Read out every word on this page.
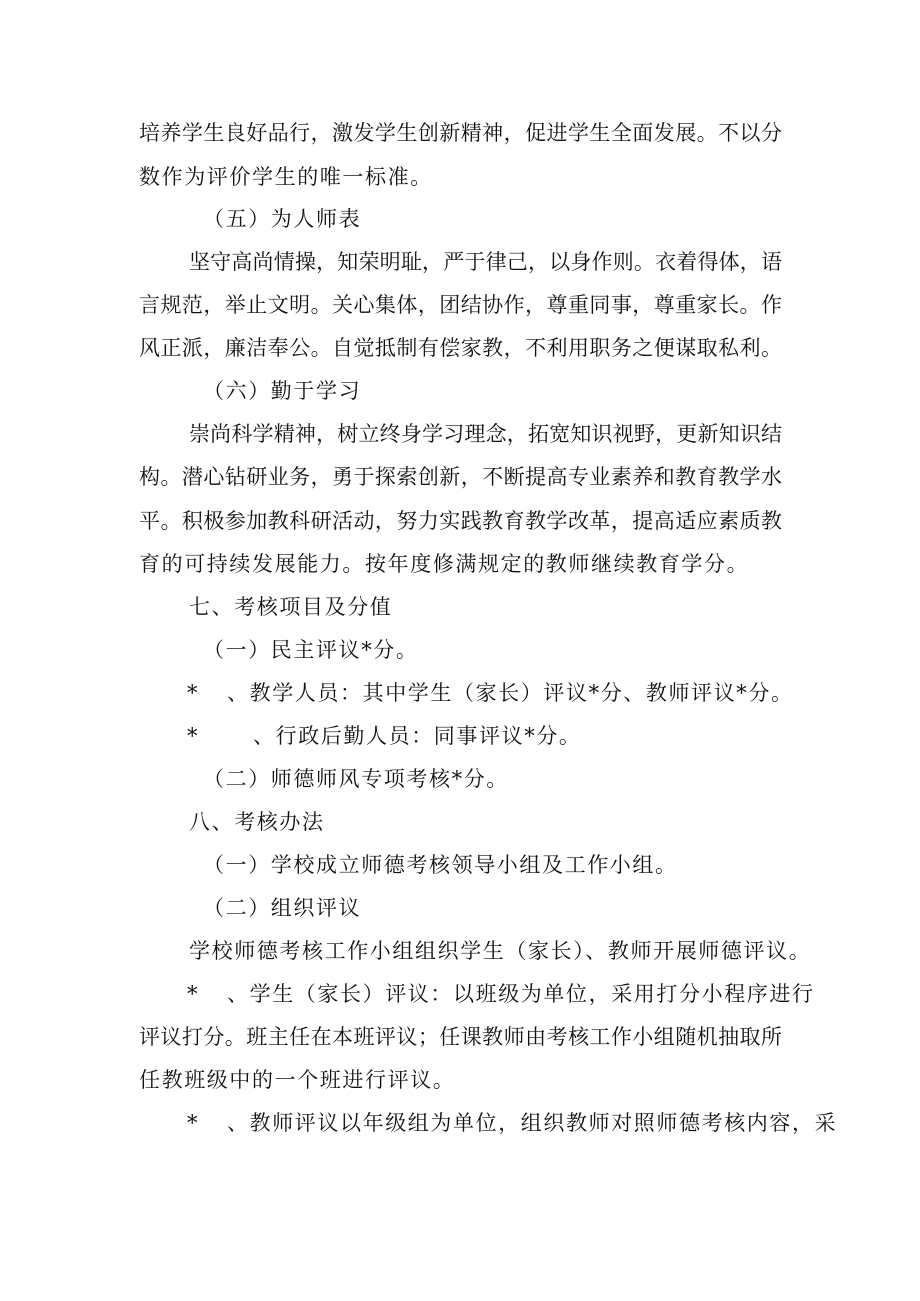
培养学生良好品行，激发学生创新精神，促进学生全面发展。不以分
数作为评价学生的唯一标准。
（五）为人师表
坚守高尚情操，知荣明耻，严于律己，以身作则。衣着得体，语
言规范，举止文明。关心集体，团结协作，尊重同事，尊重家长。作
风正派，廉洁奉公。自觉抵制有偿家教，不利用职务之便谋取私利。
（六）勤于学习
崇尚科学精神，树立终身学习理念，拓宽知识视野，更新知识结
构。潜心钻研业务，勇于探索创新，不断提高专业素养和教育教学水
平。积极参加教科研活动，努力实践教育教学改革，提高适应素质教
育的可持续发展能力。按年度修满规定的教师继续教育学分。
七、考核项目及分值
（一）民主评议*分。
* 、教学人员：其中学生（家长）评议*分、教师评议*分。
*	、行政后勤人员：同事评议*分。
（二）师德师风专项考核*分。
八、考核办法
（一）学校成立师德考核领导小组及工作小组。
（二）组织评议
学校师德考核工作小组组织学生（家长）、教师开展师德评议。
* 、学生（家长）评议：以班级为单位，采用打分小程序进行
评议打分。班主任在本班评议；任课教师由考核工作小组随机抽取所
任教班级中的一个班进行评议。
* 、教师评议以年级组为单位，组织教师对照师德考核内容，采
